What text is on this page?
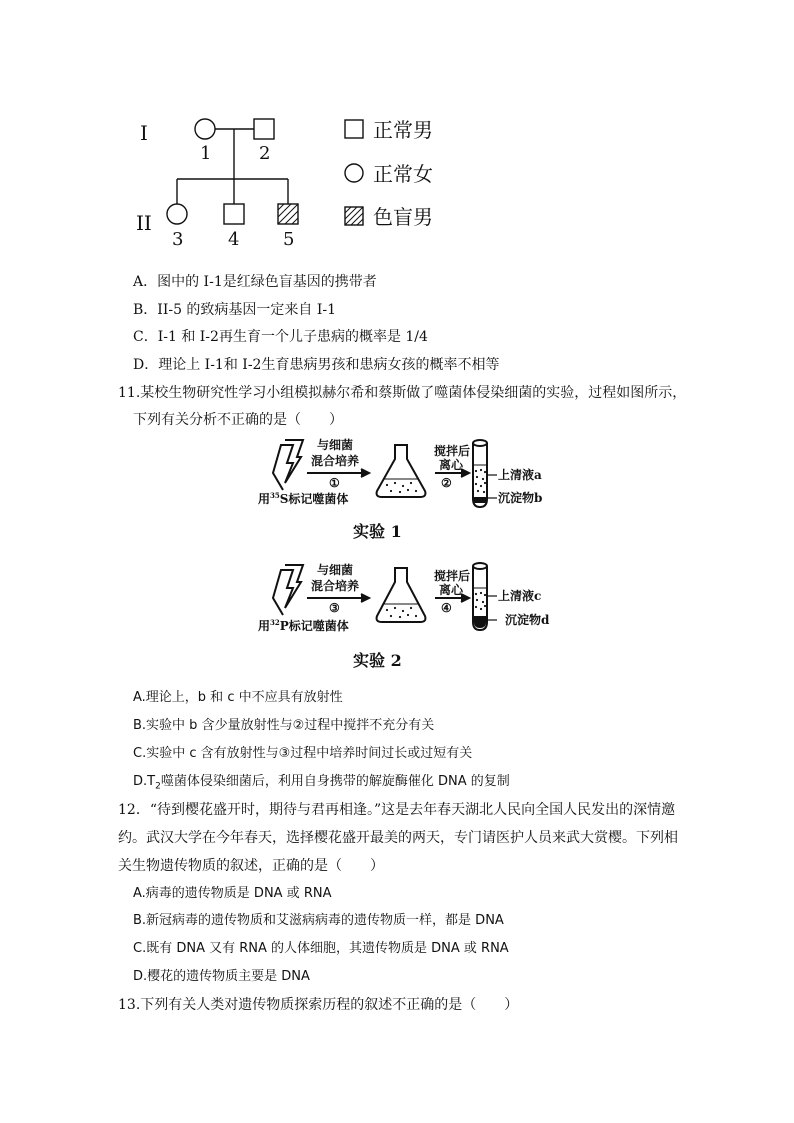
I
II
1	2
3 4 5
正常男
正常女
色盲男
A．图中的 I-1是红绿色盲基因的携带者
B．II-5 的致病基因一定来自 I-1
C．I-1 和 I-2再生育一个儿子患病的概率是 1/4
D．理论上 I-1和 I-2生育患病男孩和患病女孩的概率不相等
11.某校生物研究性学习小组模拟赫尔希和蔡斯做了噬菌体侵染细菌的实验，过程如图所示，
下列有关分析不正确的是（　　）
与细菌
混合培养
①
搅拌后
离心
②
上清液a
沉淀物b
用$^{35}$S标记噬菌体
实验 1
与细菌
混合培养
③
搅拌后
离心
④
上清液c
沉淀物d
用$^{32}$P标记噬菌体
实验 2
A.理论上，b 和 c 中不应具有放射性
B.实验中 b 含少量放射性与②过程中搅拌不充分有关
C.实验中 c 含有放射性与③过程中培养时间过长或过短有关
$D.T_2$噬菌体侵染细菌后，利用自身携带的解旋酶催化 DNA 的复制
12．“待到樱花盛开时，期待与君再相逢。”这是去年春天湖北人民向全国人民发出的深情邀
约。武汉大学在今年春天，选择樱花盛开最美的两天，专门请医护人员来武大赏樱。下列相
关生物遗传物质的叙述，正确的是（　　）
A.病毒的遗传物质是 DNA 或 RNA
B.新冠病毒的遗传物质和艾滋病病毒的遗传物质一样，都是 DNA
C.既有 DNA 又有 RNA 的人体细胞，其遗传物质是 DNA 或 RNA
D.樱花的遗传物质主要是 DNA
13.下列有关人类对遗传物质探索历程的叙述不正确的是（　　）
